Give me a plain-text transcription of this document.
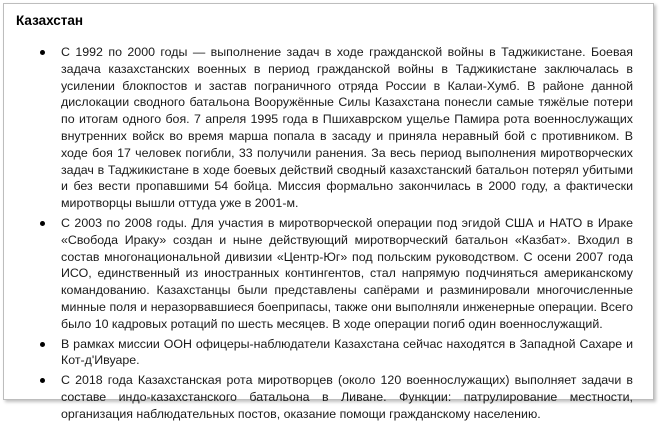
Казахстан
С 1992 по 2000 годы — выполнение задач в ходе гражданской войны в Таджикистане. Боевая задача казахстанских военных в период гражданской войны в Таджикистане заключалась в усилении блокпостов и застав пограничного отряда России в Калаи-Хумб. В районе данной дислокации сводного батальона Вооружённые Силы Казахстана понесли самые тяжёлые потери по итогам одного боя. 7 апреля 1995 года в Пшихаврском ущелье Памира рота военнослужащих внутренних войск во время марша попала в засаду и приняла неравный бой с противником. В ходе боя 17 человек погибли, 33 получили ранения. За весь период выполнения миротворческих задач в Таджикистане в ходе боевых действий сводный казахстанский батальон потерял убитыми и без вести пропавшими 54 бойца. Миссия формально закончилась в 2000 году, а фактически миротворцы вышли оттуда уже в 2001-м.
С 2003 по 2008 годы. Для участия в миротворческой операции под эгидой США и НАТО в Ираке «Свобода Ираку» создан и ныне действующий миротворческий батальон «Казбат». Входил в состав многонациональной дивизии «Центр-Юг» под польским руководством. С осени 2007 года ИСО, единственный из иностранных контингентов, стал напрямую подчиняться американскому командованию. Казахстанцы были представлены сапёрами и разминировали многочисленные минные поля и неразорвавшиеся боеприпасы, также они выполняли инженерные операции. Всего было 10 кадровых ротаций по шесть месяцев. В ходе операции погиб один военнослужащий.
В рамках миссии ООН офицеры-наблюдатели Казахстана сейчас находятся в Западной Сахаре и Кот-д'Ивуаре.
С 2018 года Казахстанская рота миротворцев (около 120 военнослужащих) выполняет задачи в составе индо-казахстанского батальона в Ливане. Функции: патрулирование местности, организация наблюдательных постов, оказание помощи гражданскому населению.
